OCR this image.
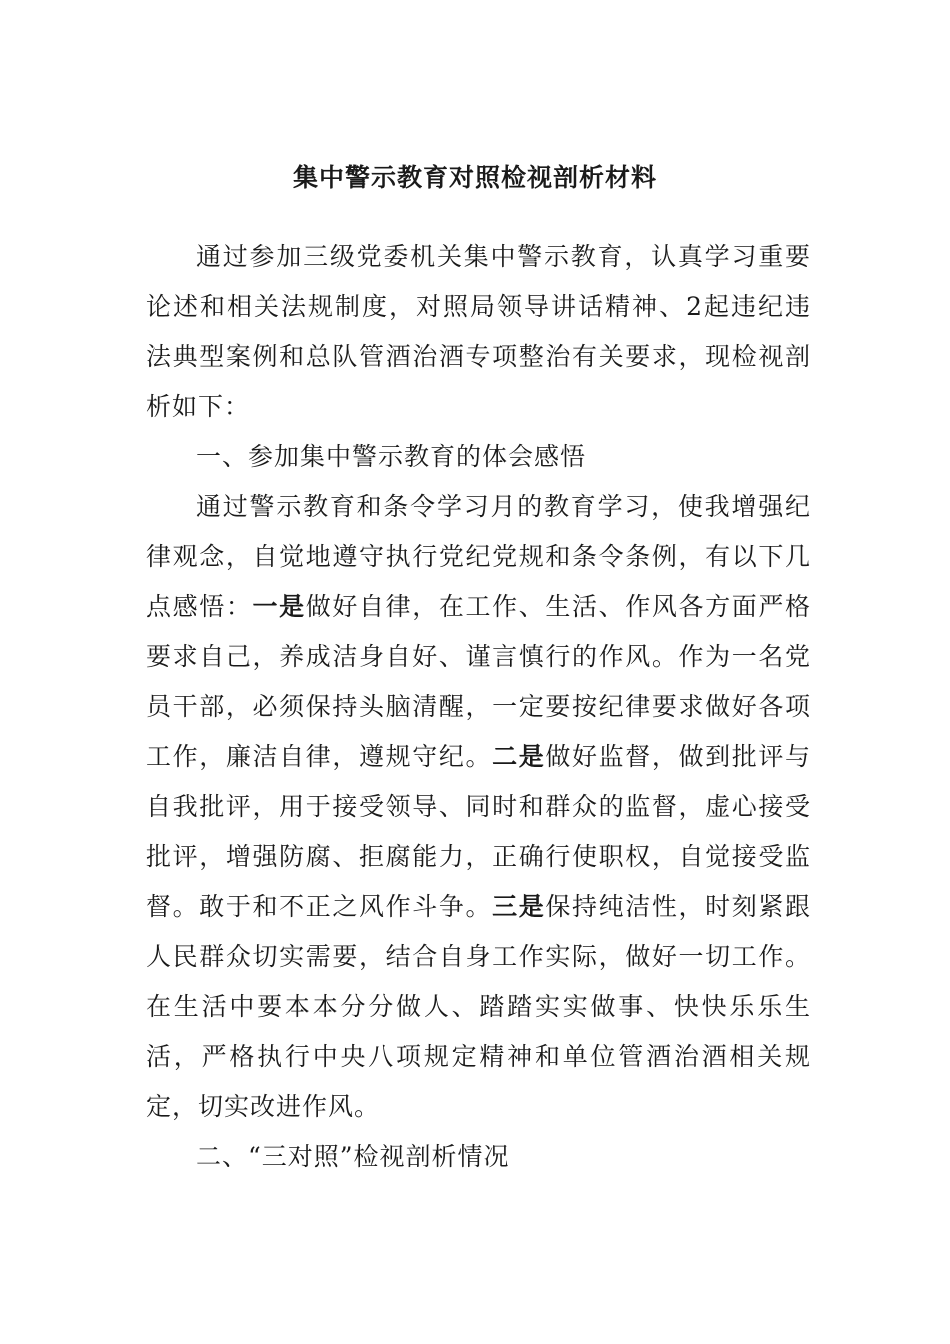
集中警示教育对照检视剖析材料

通过参加三级党委机关集中警示教育，认真学习重要论述和相关法规制度，对照局领导讲话精神、2起违纪违法典型案例和总队管酒治酒专项整治有关要求，现检视剖析如下：

一、参加集中警示教育的体会感悟

通过警示教育和条令学习月的教育学习，使我增强纪律观念，自觉地遵守执行党纪党规和条令条例，有以下几点感悟：一是做好自律，在工作、生活、作风各方面严格要求自己，养成洁身自好、谨言慎行的作风。作为一名党员干部，必须保持头脑清醒，一定要按纪律要求做好各项工作，廉洁自律，遵规守纪。二是做好监督，做到批评与自我批评，用于接受领导、同时和群众的监督，虚心接受批评，增强防腐、拒腐能力，正确行使职权，自觉接受监督。敢于和不正之风作斗争。三是保持纯洁性，时刻紧跟人民群众切实需要，结合自身工作实际，做好一切工作。在生活中要本本分分做人、踏踏实实做事、快快乐乐生活，严格执行中央八项规定精神和单位管酒治酒相关规定，切实改进作风。

二、“三对照”检视剖析情况
